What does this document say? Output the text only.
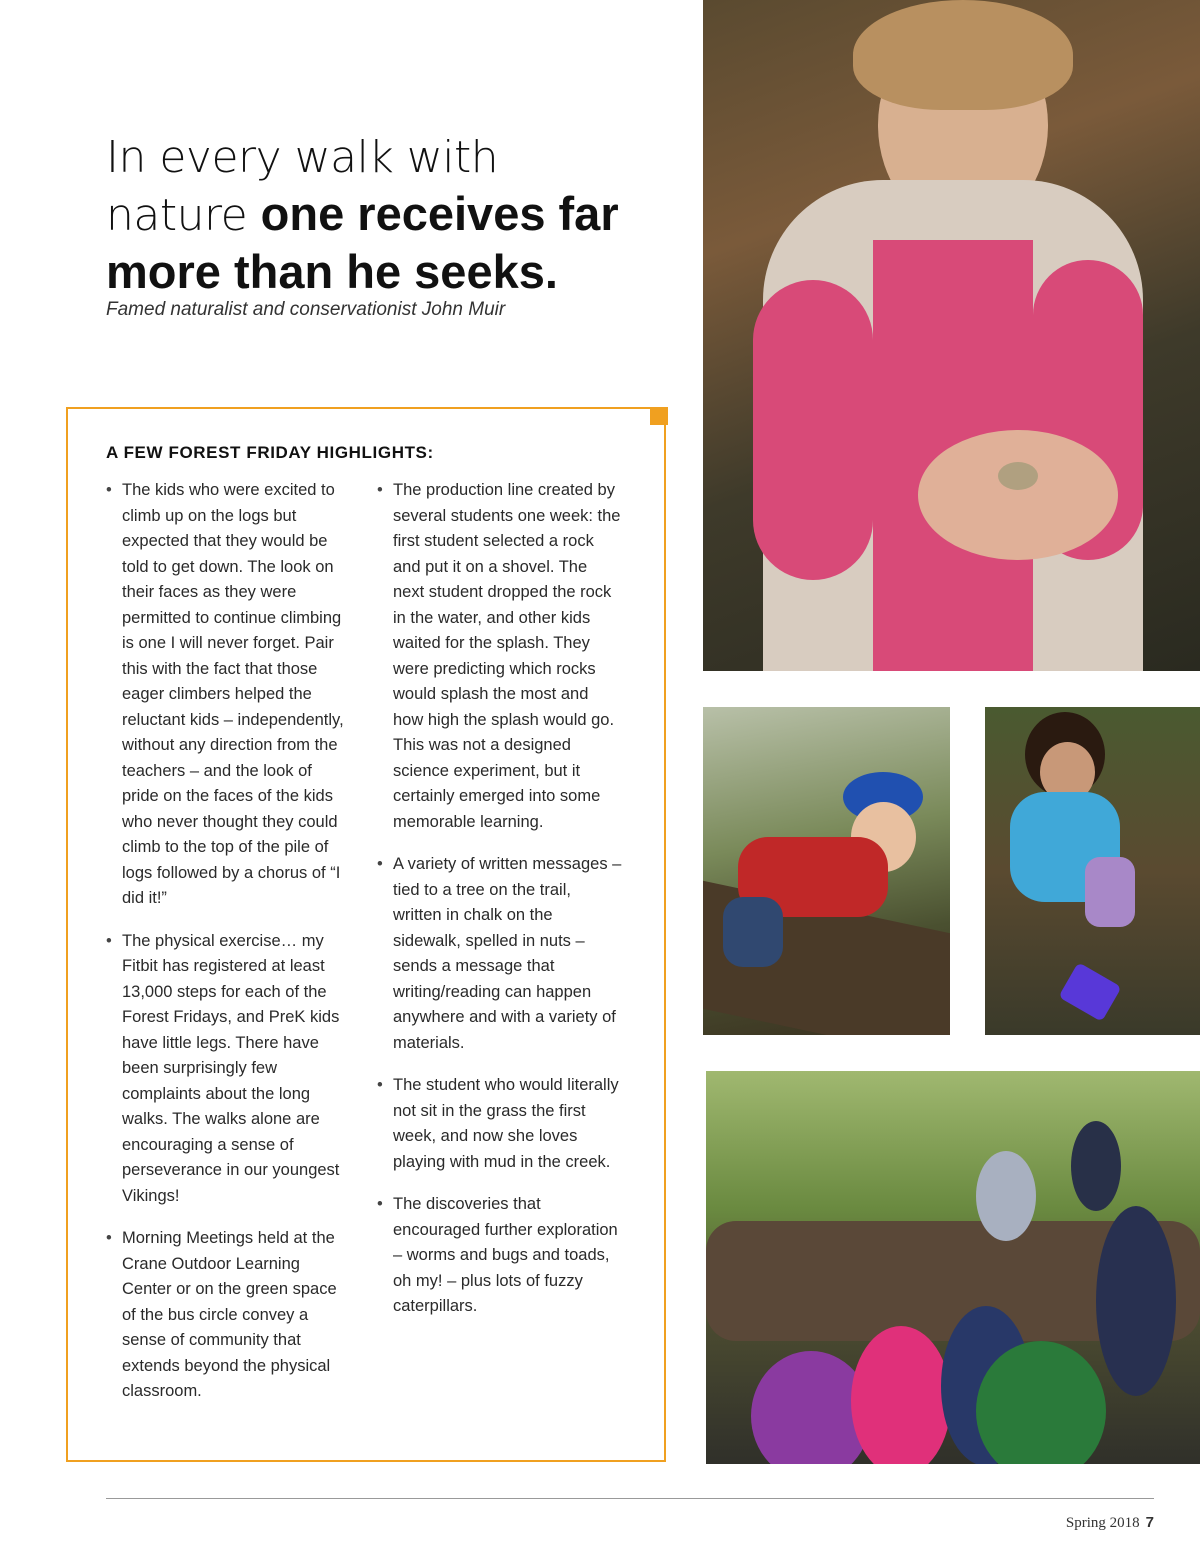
In every walk with
nature one receives far
more than he seeks.
Famed naturalist and conservationist John Muir
A FEW FOREST FRIDAY HIGHLIGHTS:
• The kids who were excited to climb up on the logs but expected that they would be told to get down. The look on their faces as they were permitted to continue climbing is one I will never forget. Pair this with the fact that those eager climbers helped the reluctant kids – independently, without any direction from the teachers – and the look of pride on the faces of the kids who never thought they could climb to the top of the pile of logs followed by a chorus of “I did it!”
• The physical exercise… my Fitbit has registered at least 13,000 steps for each of the Forest Fridays, and PreK kids have little legs. There have been surprisingly few complaints about the long walks. The walks alone are encouraging a sense of perseverance in our youngest Vikings!
• Morning Meetings held at the Crane Outdoor Learning Center or on the green space of the bus circle convey a sense of community that extends beyond the physical classroom.
• The production line created by several students one week: the first student selected a rock and put it on a shovel. The next student dropped the rock in the water, and other kids waited for the splash. They were predicting which rocks would splash the most and how high the splash would go. This was not a designed science experiment, but it certainly emerged into some memorable learning.
• A variety of written messages – tied to a tree on the trail, written in chalk on the sidewalk, spelled in nuts – sends a message that writing/reading can happen anywhere and with a variety of materials.
• The student who would literally not sit in the grass the first week, and now she loves playing with mud in the creek.
• The discoveries that encouraged further exploration – worms and bugs and toads, oh my! – plus lots of fuzzy caterpillars.
Spring 2018 7
